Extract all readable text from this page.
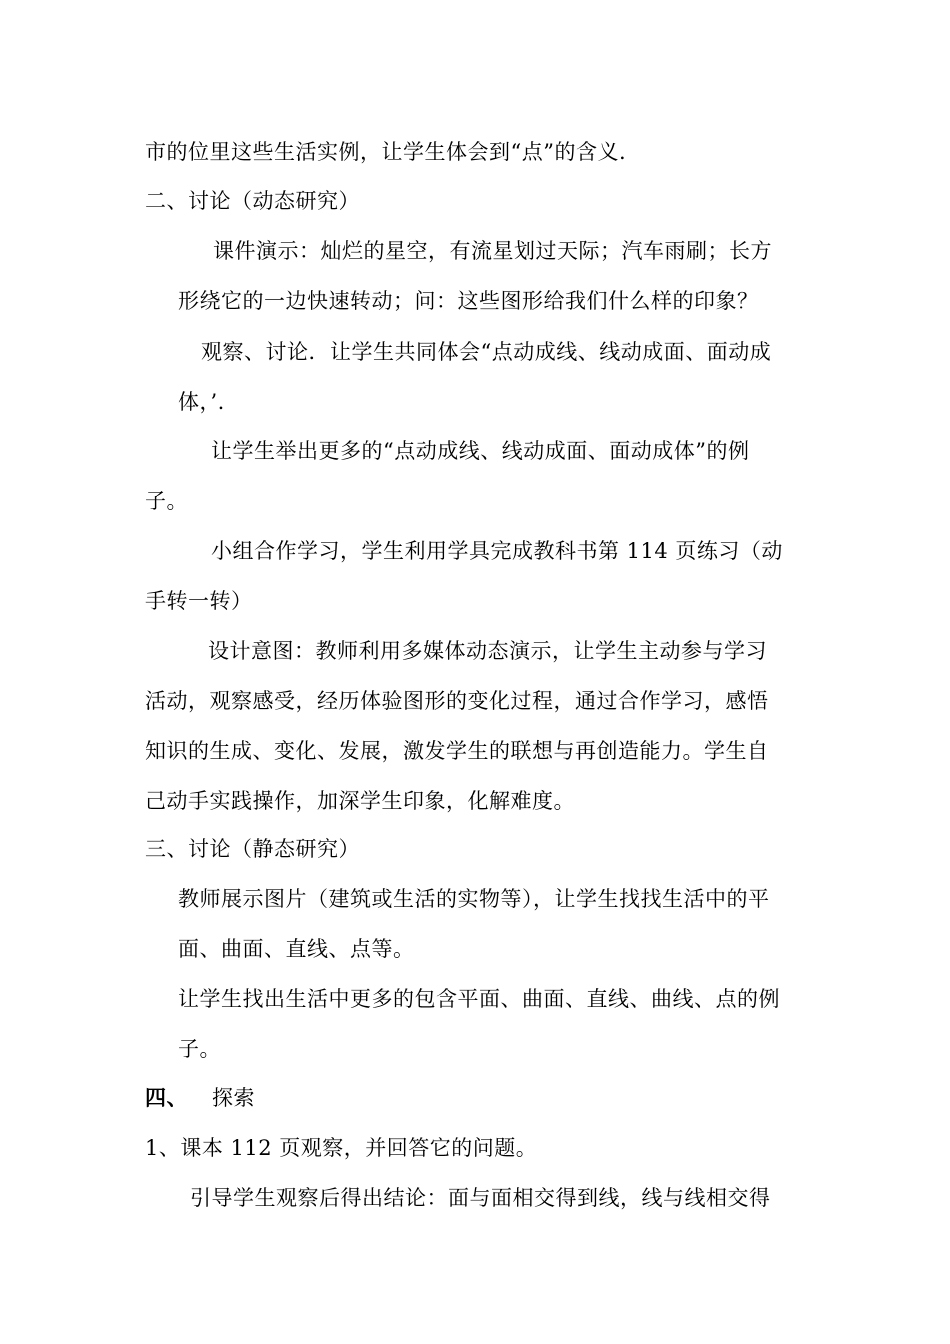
市的位里这些生活实例，让学生体会到“点”的含义.
二、讨论（动态研究）
课件演示：灿烂的星空，有流星划过天际；汽车雨刷；长方
形绕它的一边快速转动；问：这些图形给我们什么样的印象？
观察、讨论．让学生共同体会“点动成线、线动成面、面动成
体，’.
让学生举出更多的“点动成线、线动成面、面动成体”的例
子。
小组合作学习，学生利用学具完成教科书第 114 页练习（动
手转一转）
设计意图：教师利用多媒体动态演示，让学生主动参与学习
活动，观察感受，经历体验图形的变化过程，通过合作学习，感悟
知识的生成、变化、发展，激发学生的联想与再创造能力。学生自
己动手实践操作，加深学生印象，化解难度。
三、讨论（静态研究）
教师展示图片（建筑或生活的实物等），让学生找找生活中的平
面、曲面、直线、点等。
让学生找出生活中更多的包含平面、曲面、直线、曲线、点的例
子。
四、 探索
1、课本 112 页观察，并回答它的问题。
引导学生观察后得出结论：面与面相交得到线，线与线相交得
